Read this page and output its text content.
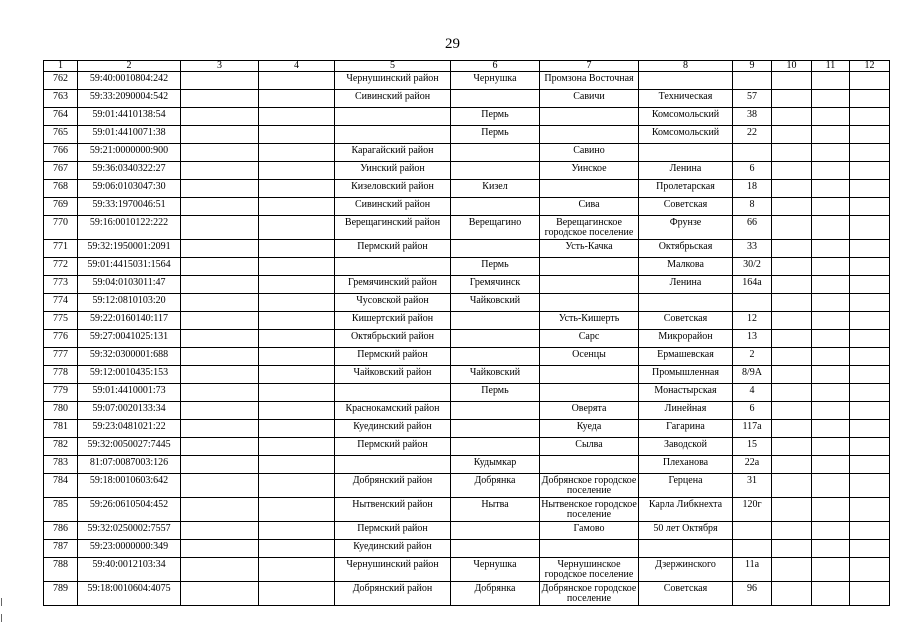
29
1	2	3	4	5	6	7	8	9	10	11	12
762	59:40:0010804:242			Чернушинский район	Чернушка	Промзона Восточная					
763	59:33:2090004:542			Сивинский район		Савичи	Техническая	57			
764	59:01:4410138:54				Пермь		Комсомольский	38			
765	59:01:4410071:38				Пермь		Комсомольский	22			
766	59:21:0000000:900			Карагайский район		Савино					
767	59:36:0340322:27			Уинский район		Уинское	Ленина	6			
768	59:06:0103047:30			Кизеловский район	Кизел		Пролетарская	18			
769	59:33:1970046:51			Сивинский район		Сива	Советская	8			
770	59:16:0010122:222			Верещагинский район	Верещагино	Верещагинское городское поселение	Фрунзе	66			
771	59:32:1950001:2091			Пермский район		Усть-Качка	Октябрьская	33			
772	59:01:4415031:1564				Пермь		Малкова	30/2			
773	59:04:0103011:47			Гремячинский район	Гремячинск		Ленина	164а			
774	59:12:0810103:20			Чусовской район	Чайковский						
775	59:22:0160140:117			Кишертский район		Усть-Кишерть	Советская	12			
776	59:27:0041025:131			Октябрьский район		Сарс	Микрорайон	13			
777	59:32:0300001:688			Пермский район		Осенцы	Ермашевская	2			
778	59:12:0010435:153			Чайковский район	Чайковский		Промышленная	8/9А			
779	59:01:4410001:73				Пермь		Монастырская	4			
780	59:07:0020133:34			Краснокамский район		Оверята	Линейная	6			
781	59:23:0481021:22			Куединский район		Куеда	Гагарина	117а			
782	59:32:0050027:7445			Пермский район		Сылва	Заводской	15			
783	81:07:0087003:126				Кудымкар		Плеханова	22а			
784	59:18:0010603:642			Добрянский район	Добрянка	Добрянское городское поселение	Герцена	31			
785	59:26:0610504:452			Нытвенский район	Нытва	Нытвенское городское поселение	Карла Либкнехта	120г			
786	59:32:0250002:7557			Пермский район		Гамово	50 лет Октября				
787	59:23:0000000:349			Куединский район							
788	59:40:0012103:34			Чернушинский район	Чернушка	Чернушинское городское поселение	Дзержинского	11а			
789	59:18:0010604:4075			Добрянский район	Добрянка	Добрянское городское поселение	Советская	96			
